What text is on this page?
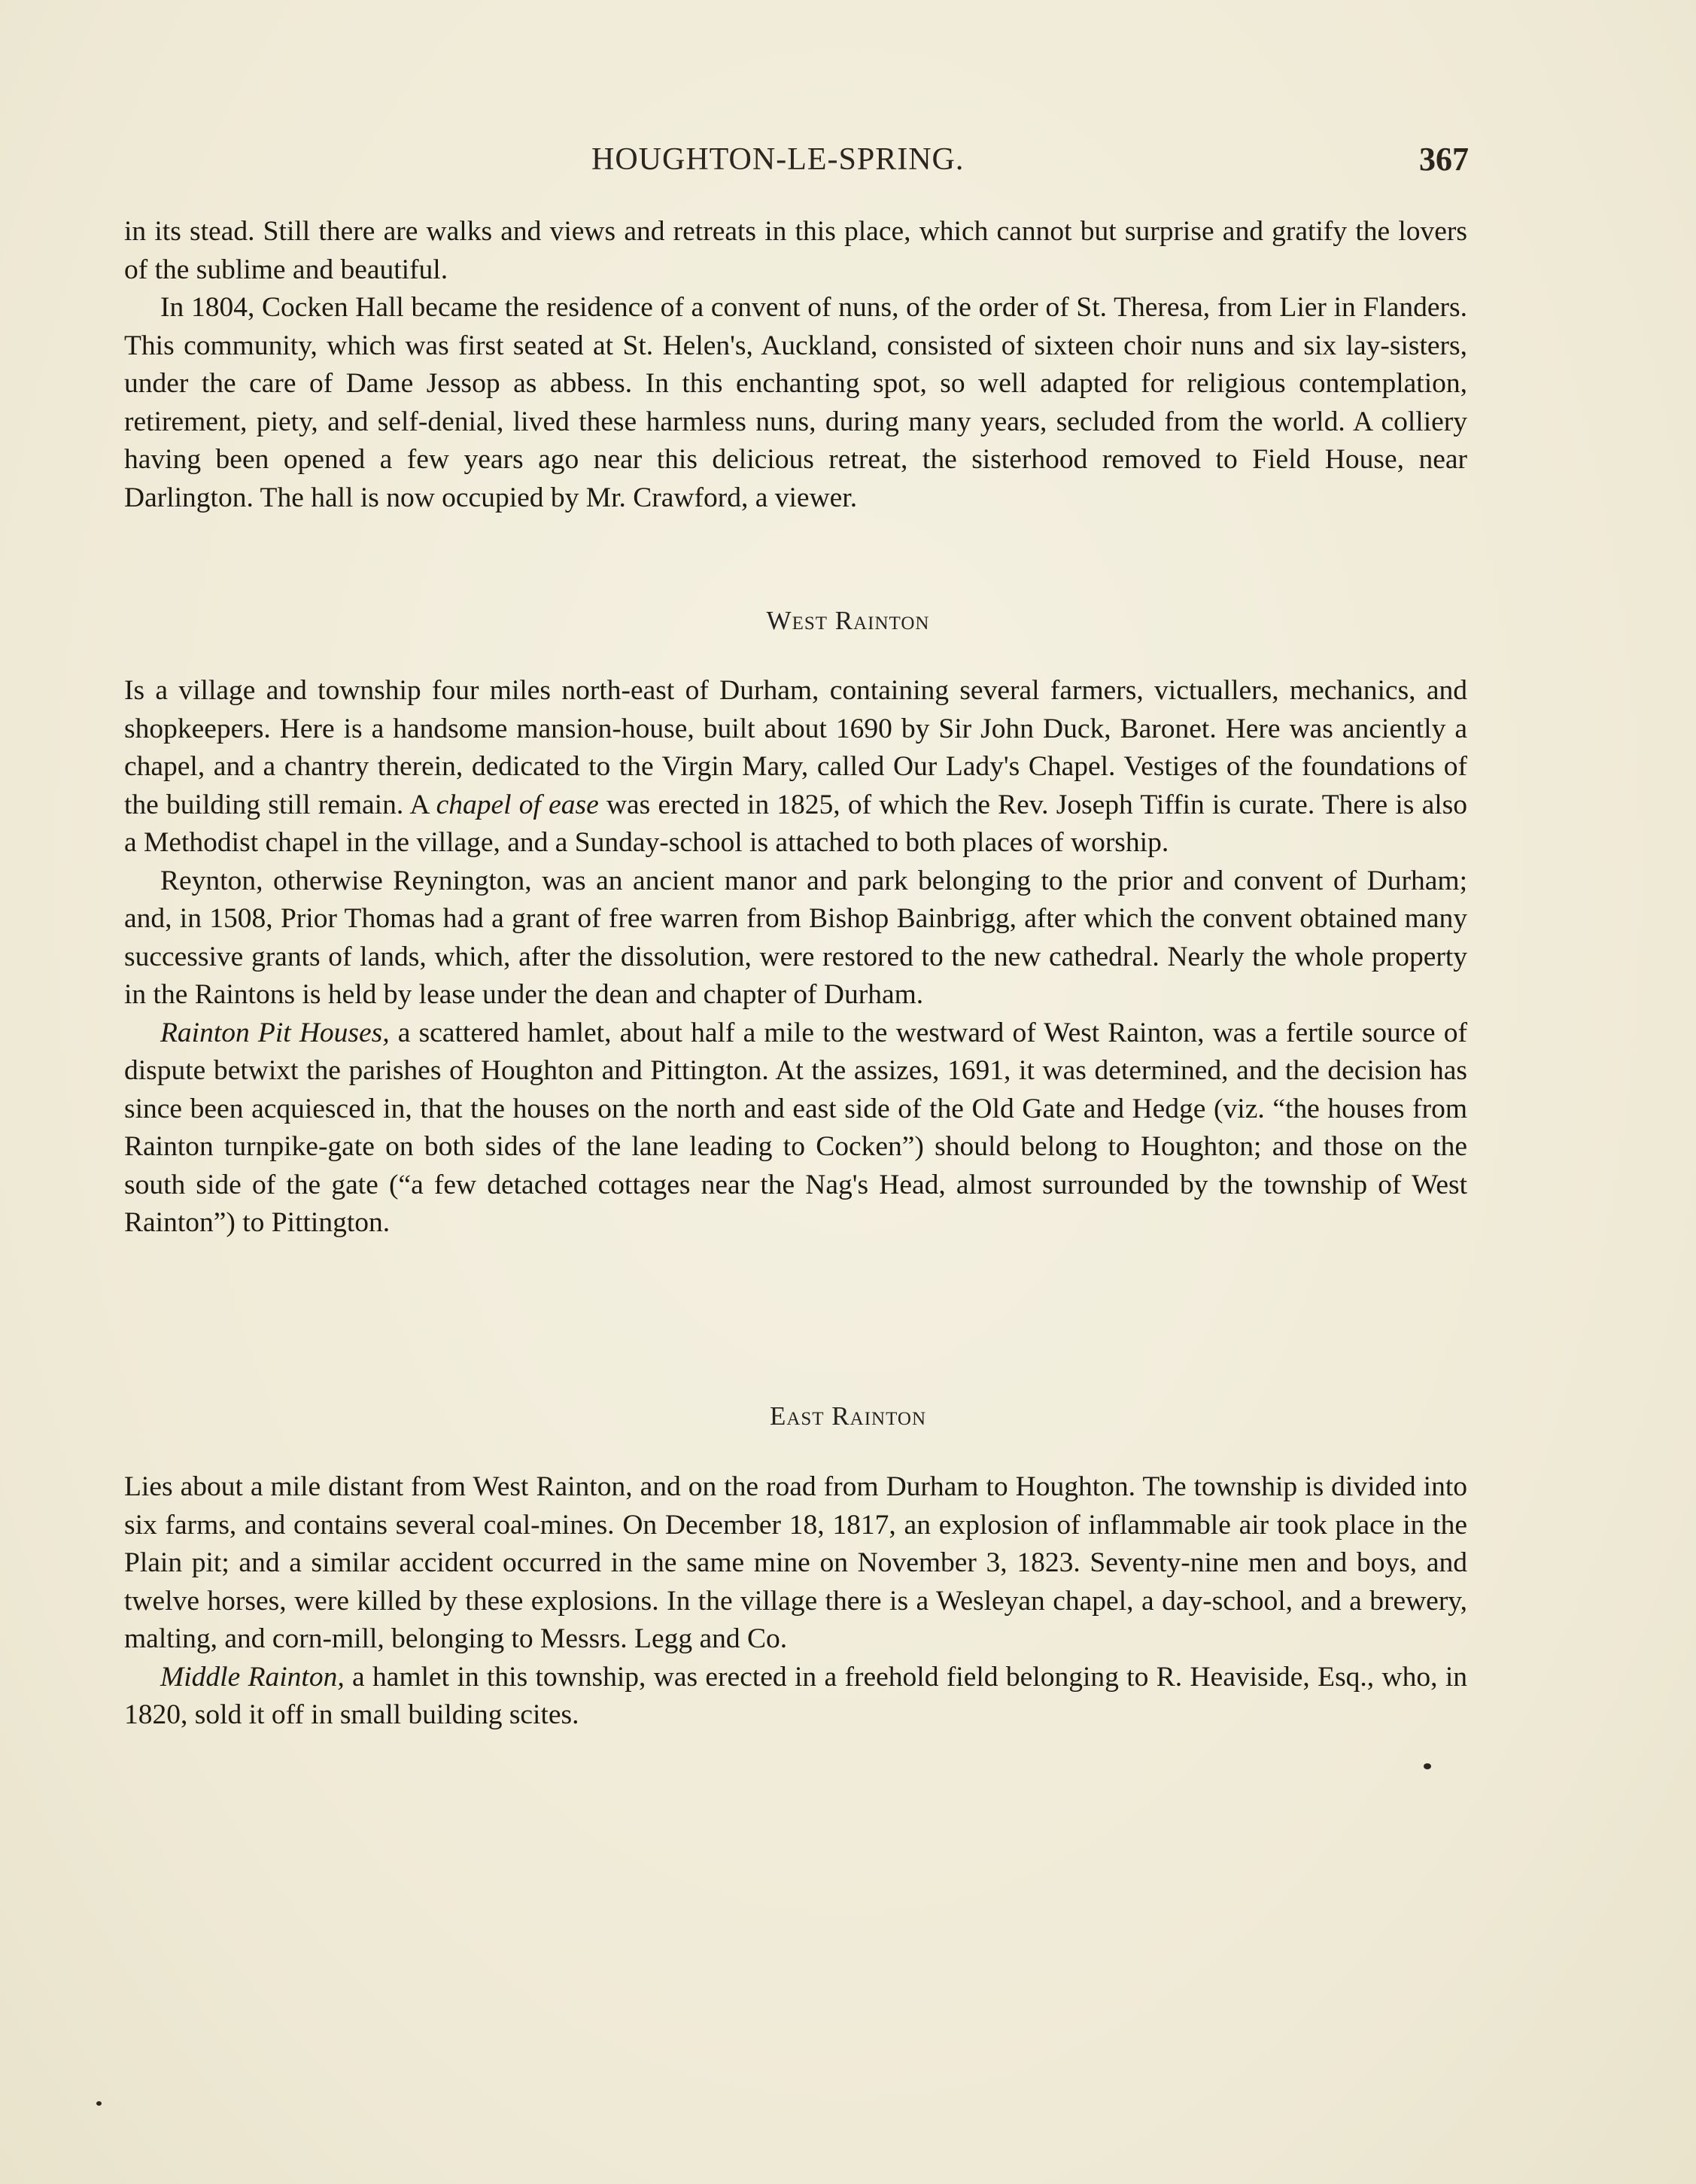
HOUGHTON-LE-SPRING.	367

in its stead. Still there are walks and views and retreats in this place, which cannot but surprise and gratify the lovers of the sublime and beautiful.

In 1804, Cocken Hall became the residence of a convent of nuns, of the order of St. Theresa, from Lier in Flanders. This community, which was first seated at St. Helen's, Auckland, consisted of sixteen choir nuns and six lay-sisters, under the care of Dame Jessop as abbess. In this enchanting spot, so well adapted for religious contemplation, retirement, piety, and self-denial, lived these harmless nuns, during many years, secluded from the world. A colliery having been opened a few years ago near this delicious retreat, the sisterhood removed to Field House, near Darlington. The hall is now occupied by Mr. Crawford, a viewer.

West Rainton

Is a village and township four miles north-east of Durham, containing several farmers, victuallers, mechanics, and shopkeepers. Here is a handsome mansion-house, built about 1690 by Sir John Duck, Baronet. Here was anciently a chapel, and a chantry therein, dedicated to the Virgin Mary, called Our Lady's Chapel. Vestiges of the foundations of the building still remain. A chapel of ease was erected in 1825, of which the Rev. Joseph Tiffin is curate. There is also a Methodist chapel in the village, and a Sunday-school is attached to both places of worship.

Reynton, otherwise Reynington, was an ancient manor and park belonging to the prior and convent of Durham; and, in 1508, Prior Thomas had a grant of free warren from Bishop Bainbrigg, after which the convent obtained many successive grants of lands, which, after the dissolution, were restored to the new cathedral. Nearly the whole property in the Raintons is held by lease under the dean and chapter of Durham.

Rainton Pit Houses, a scattered hamlet, about half a mile to the westward of West Rainton, was a fertile source of dispute betwixt the parishes of Houghton and Pittington. At the assizes, 1691, it was determined, and the decision has since been acquiesced in, that the houses on the north and east side of the Old Gate and Hedge (viz. “the houses from Rainton turnpike-gate on both sides of the lane leading to Cocken”) should belong to Houghton; and those on the south side of the gate (“a few detached cottages near the Nag's Head, almost surrounded by the township of West Rainton”) to Pittington.

East Rainton

Lies about a mile distant from West Rainton, and on the road from Durham to Houghton. The township is divided into six farms, and contains several coal-mines. On December 18, 1817, an explosion of inflammable air took place in the Plain pit; and a similar accident occurred in the same mine on November 3, 1823. Seventy-nine men and boys, and twelve horses, were killed by these explosions. In the village there is a Wesleyan chapel, a day-school, and a brewery, malting, and corn-mill, belonging to Messrs. Legg and Co.

Middle Rainton, a hamlet in this township, was erected in a freehold field belonging to R. Heaviside, Esq., who, in 1820, sold it off in small building scites.
